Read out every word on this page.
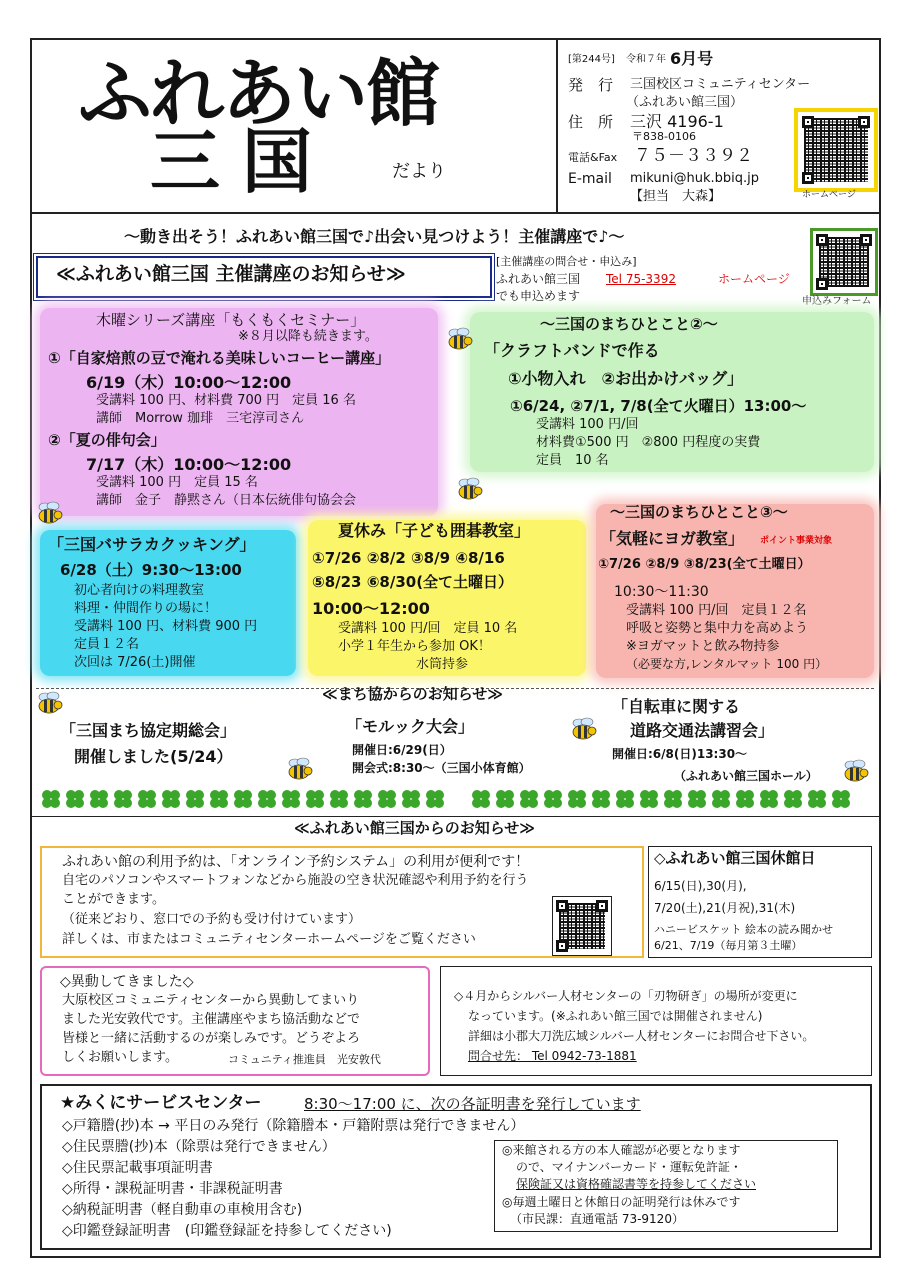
ふれあい館
三国	だより
[第244号] 令和７年 6月号
発　行 三国校区コミュニティセンター
（ふれあい館三国）
住　所 三沢 4196-1
〒838-0106
電話&Fax ７５－３３９２
E-mail mikuni@huk.bbiq.jp
【担当　大森】	ホームページ
～動き出そう！ふれあい館三国で♪出会い見つけよう！主催講座で♪～
≪ふれあい館三国 主催講座のお知らせ≫
[主催講座の問合せ・申込み]
ふれあい館三国 Tel 75-3392	ホームページ
でも申込めます	申込みフォーム
木曜シリーズ講座「もくもくセミナー」
※８月以降も続きます。
①「自家焙煎の豆で淹れる美味しいコーヒー講座」
6/19（木）10:00～12:00
受講料 100 円、材料費 700 円　定員 16 名
講師　Morrow 珈琲　三宅淳司さん
②「夏の俳句会」
7/17（木）10:00～12:00
受講料 100 円　定員 15 名
講師　金子　静黙さん（日本伝統俳句協会会
～三国のまちひとこと②～
「クラフトバンドで作る
①小物入れ　②お出かけバッグ」
①6/24, ②7/1, 7/8(全て火曜日）13:00～
受講料 100 円/回
材料費①500 円　②800 円程度の実費
定員　10 名
「三国バサラカクッキング」
6/28（土）9:30～13:00
初心者向けの料理教室
料理・仲間作りの場に！
受講料 100 円、材料費 900 円
定員１２名
次回は 7/26(土)開催
夏休み「子ども囲碁教室」
①7/26 ②8/2 ③8/9 ④8/16
⑤8/23 ⑥8/30(全て土曜日）
10:00～12:00
受講料 100 円/回　定員 10 名
小学１年生から参加 OK！
水筒持参
～三国のまちひとこと③～
「気軽にヨガ教室」 ポイント事業対象
①7/26 ②8/9 ③8/23(全て土曜日）
10:30～11:30
受講料 100 円/回　定員１２名
呼吸と姿勢と集中力を高めよう
※ヨガマットと飲み物持参
（必要な方,レンタルマット 100 円）
≪まち協からのお知らせ≫
「三国まち協定期総会」
開催しました(5/24）
「モルック大会」
開催日:6/29(日）
開会式:8:30～（三国小体育館）
「自転車に関する
道路交通法講習会」
開催日:6/8(日)13:30～
（ふれあい館三国ホール）
≪ふれあい館三国からのお知らせ≫
ふれあい館の利用予約は、「オンライン予約システム」の利用が便利です！
自宅のパソコンやスマートフォンなどから施設の空き状況確認や利用予約を行う
ことができます。
（従来どおり、窓口での予約も受け付けています）
詳しくは、市またはコミュニティセンターホームページをご覧ください
◇ふれあい館三国休館日
6/15(日),30(月),
7/20(土),21(月祝),31(木)
ハニービスケット 絵本の読み聞かせ
6/21、7/19（毎月第３土曜）
◇異動してきました◇
大原校区コミュニティセンターから異動してまいり
ました光安敦代です。主催講座やまち協活動などで
皆様と一緒に活動するのが楽しみです。どうぞよろ
しくお願いします。	コミュニティ推進員　光安敦代
◇４月からシルバー人材センターの「刃物研ぎ」の場所が変更に
なっています。(※ふれあい館三国では開催されません)
詳細は小郡大刀洗広域シルバー人材センターにお問合せ下さい。
問合せ先： Tel 0942-73-1881
★みくにサービスセンター	8:30～17:00 に、次の各証明書を発行しています
◇戸籍謄(抄)本 → 平日のみ発行（除籍謄本・戸籍附票は発行できません）
◇住民票謄(抄)本（除票は発行できません）
◇住民票記載事項証明書
◇所得・課税証明書・非課税証明書
◇納税証明書（軽自動車の車検用含む)
◇印鑑登録証明書　(印鑑登録証を持参してください)
◎来館される方の本人確認が必要となります
ので、マイナンバーカード・運転免許証・
保険証又は資格確認書等を持参してください
◎毎週土曜日と休館日の証明発行は休みです
（市民課：直通電話 73-9120）
